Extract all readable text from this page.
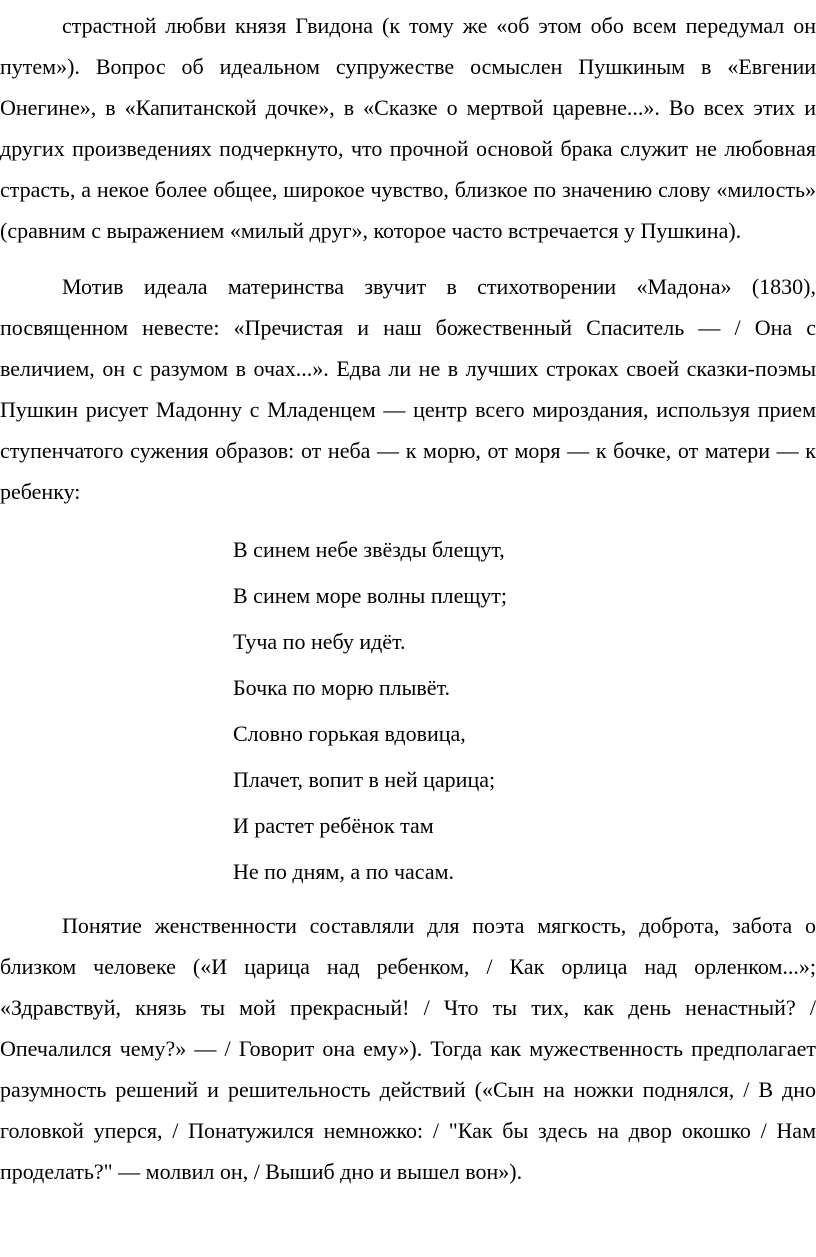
страстной любви князя Гвидона (к тому же «об этом обо всем передумал он путем»). Вопрос об идеальном супружестве осмыслен Пушкиным в «Евгении Онегине», в «Капитанской дочке», в «Сказке о мертвой царевне...». Во всех этих и других произведениях подчеркнуто, что прочной основой брака служит не любовная страсть, а некое более общее, широкое чувство, близкое по значению слову «милость» (сравним с выражением «милый друг», которое часто встречается у Пушкина).

Мотив идеала материнства звучит в стихотворении «Мадона» (1830), посвященном невесте: «Пречистая и наш божественный Спаситель — / Она с величием, он с разумом в очах...». Едва ли не в лучших строках своей сказки-поэмы Пушкин рисует Мадонну с Младенцем — центр всего мироздания, используя прием ступенчатого сужения образов: от неба — к морю, от моря — к бочке, от матери — к ребенку:

В синем небе звёзды блещут,
В синем море волны плещут;
Туча по небу идёт.
Бочка по морю плывёт.
Словно горькая вдовица,
Плачет, вопит в ней царица;
И растет ребёнок там
Не по дням, а по часам.

Понятие женственности составляли для поэта мягкость, доброта, забота о близком человеке («И царица над ребенком, / Как орлица над орленком...»; «Здравствуй, князь ты мой прекрасный! / Что ты тих, как день ненастный? / Опечалился чему?» — / Говорит она ему»). Тогда как мужественность предполагает разумность решений и решительность действий («Сын на ножки поднялся, / В дно головкой уперся, / Понатужился немножко: / "Как бы здесь на двор окошко / Нам проделать?" — молвил он, / Вышиб дно и вышел вон»).
